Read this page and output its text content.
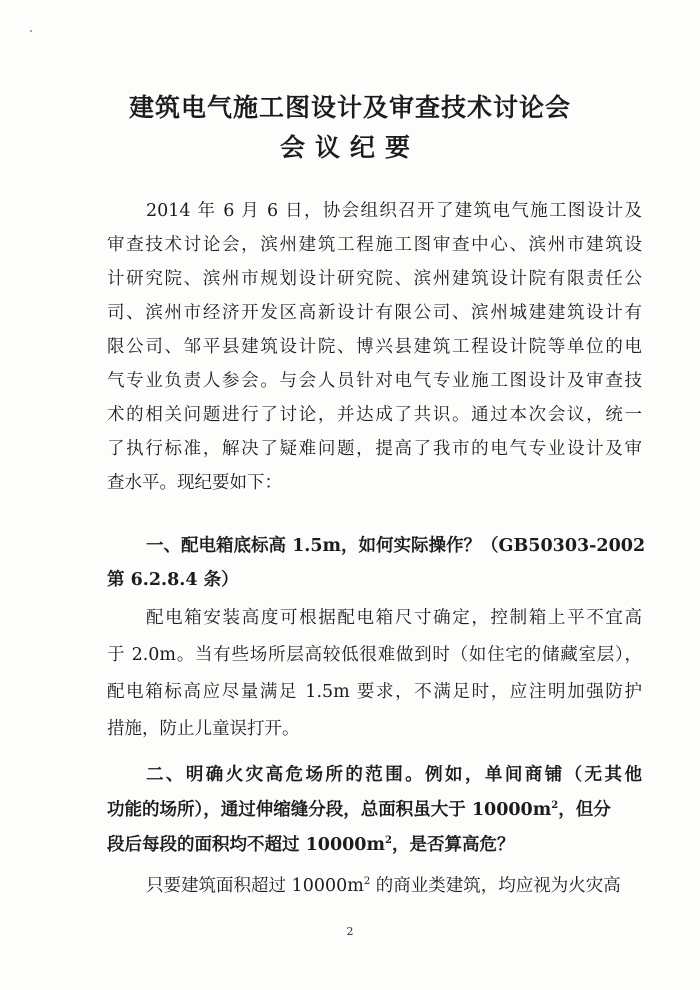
建筑电气施工图设计及审查技术讨论会
会议纪要

2014 年 6 月 6 日，协会组织召开了建筑电气施工图设计及

审查技术讨论会，滨州建筑工程施工图审查中心、滨州市建筑设

计研究院、滨州市规划设计研究院、滨州建筑设计院有限责任公

司、滨州市经济开发区高新设计有限公司、滨州城建建筑设计有

限公司、邹平县建筑设计院、博兴县建筑工程设计院等单位的电

气专业负责人参会。与会人员针对电气专业施工图设计及审查技

术的相关问题进行了讨论，并达成了共识。通过本次会议，统一

了执行标准，解决了疑难问题，提高了我市的电气专业设计及审

查水平。现纪要如下：

一、配电箱底标高 1.5m，如何实际操作？（GB50303-2002

第 6.2.8.4 条）

配电箱安装高度可根据配电箱尺寸确定，控制箱上平不宜高

于 2.0m。当有些场所层高较低很难做到时（如住宅的储藏室层），

配电箱标高应尽量满足 1.5m 要求，不满足时，应注明加强防护

措施，防止儿童误打开。

二、明确火灾高危场所的范围。例如，单间商铺（无其他

功能的场所），通过伸缩缝分段，总面积虽大于 $10000m^2$，但分

段后每段的面积均不超过 $10000m^2$，是否算高危？

只要建筑面积超过 $10000m^2$ 的商业类建筑，均应视为火灾高

2
